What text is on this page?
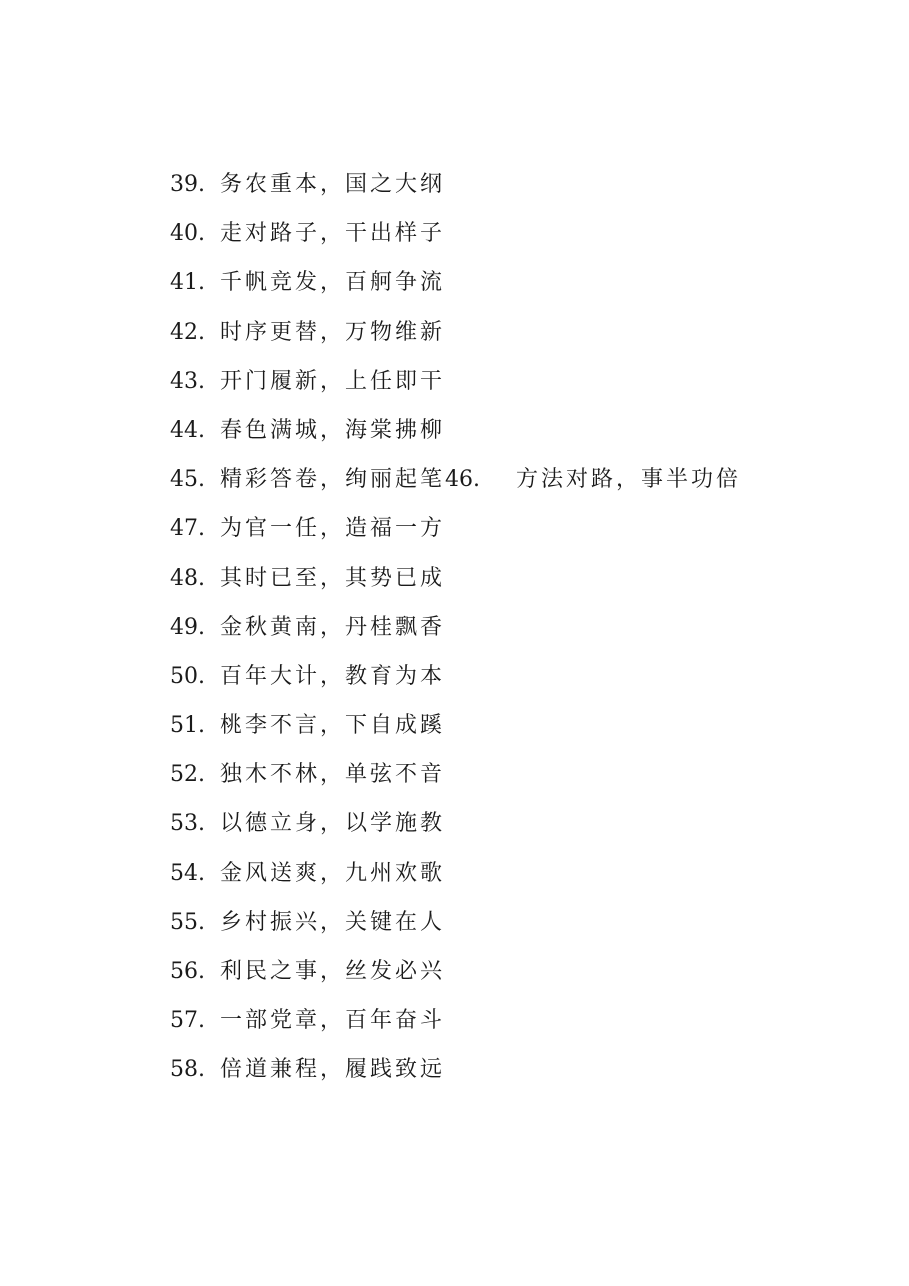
39. 务农重本，国之大纲
40. 走对路子，干出样子
41. 千帆竞发，百舸争流
42. 时序更替，万物维新
43. 开门履新，上任即干
44. 春色满城，海棠拂柳
45. 精彩答卷，绚丽起笔46. 方法对路，事半功倍
47. 为官一任，造福一方
48. 其时已至，其势已成
49. 金秋黄南，丹桂飘香
50. 百年大计，教育为本
51. 桃李不言，下自成蹊
52. 独木不林，单弦不音
53. 以德立身，以学施教
54. 金风送爽，九州欢歌
55. 乡村振兴，关键在人
56. 利民之事，丝发必兴
57. 一部党章，百年奋斗
58. 倍道兼程，履践致远
